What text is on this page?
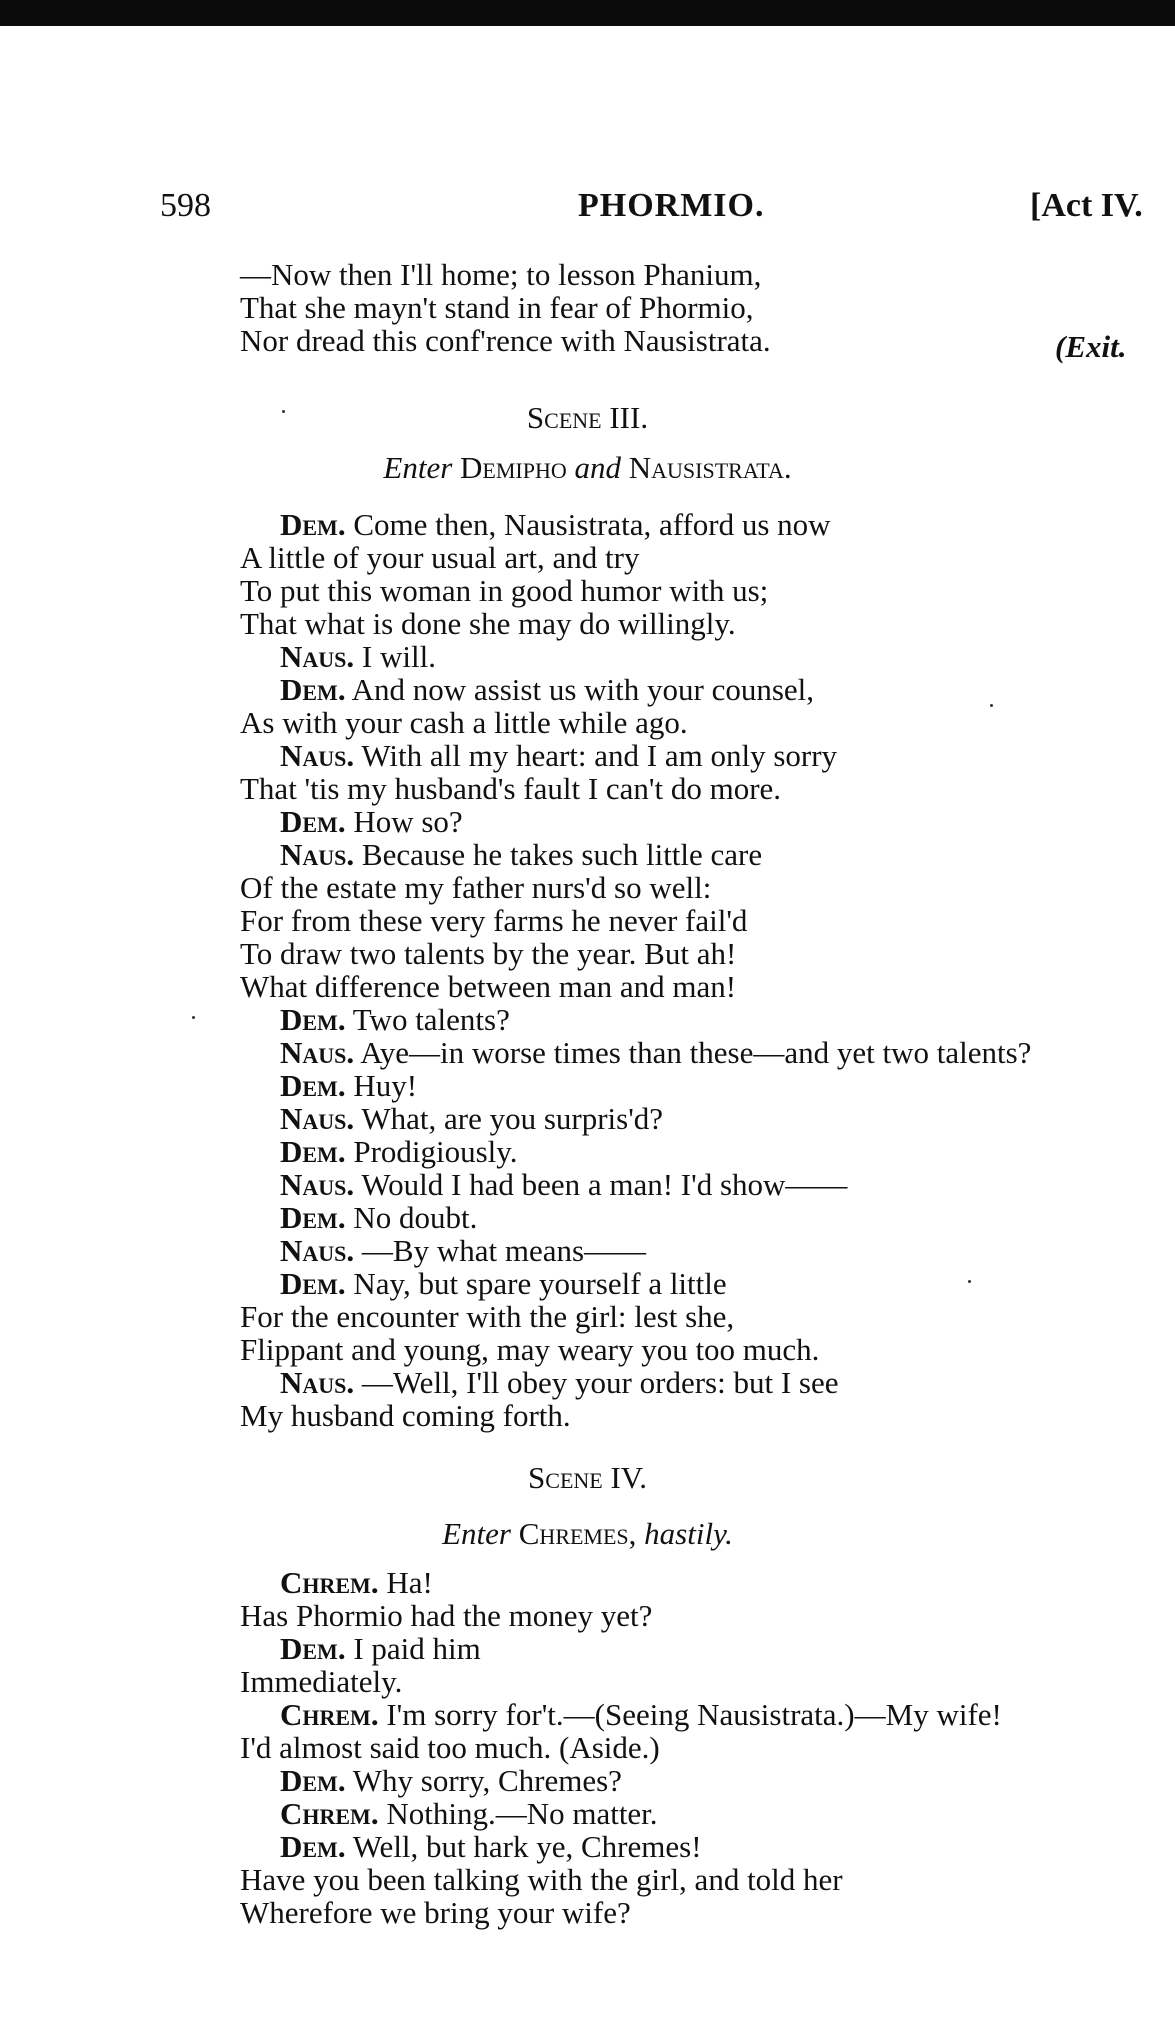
598	PHORMIO.	[Act IV.
—Now then I'll home; to lesson Phanium,
That she mayn't stand in fear of Phormio,
Nor dread this conf'rence with Nausistrata.	(Exit.
Scene III.
Enter Demipho and Nausistrata.
Dem. Come then, Nausistrata, afford us now
A little of your usual art, and try
To put this woman in good humor with us;
That what is done she may do willingly.
Naus. I will.
Dem. And now assist us with your counsel,
As with your cash a little while ago.
Naus. With all my heart: and I am only sorry
That 'tis my husband's fault I can't do more.
Dem. How so?
Naus. Because he takes such little care
Of the estate my father nurs'd so well:
For from these very farms he never fail'd
To draw two talents by the year. But ah!
What difference between man and man!
Dem. Two talents?
Naus. Aye—in worse times than these—and yet two talents?
Dem. Huy!
Naus. What, are you surpris'd?
Dem. Prodigiously.
Naus. Would I had been a man! I'd show——
Dem. No doubt.
Naus. —By what means——
Dem. Nay, but spare yourself a little
For the encounter with the girl: lest she,
Flippant and young, may weary you too much.
Naus. —Well, I'll obey your orders: but I see
My husband coming forth.
Scene IV.
Enter Chremes, hastily.
Chrem. Ha!
Has Phormio had the money yet?
Dem. I paid him
Immediately.
Chrem. I'm sorry for't.—(Seeing Nausistrata.)—My wife!
I'd almost said too much. (Aside.)
Dem. Why sorry, Chremes?
Chrem. Nothing.—No matter.
Dem. Well, but hark ye, Chremes!
Have you been talking with the girl, and told her
Wherefore we bring your wife?
